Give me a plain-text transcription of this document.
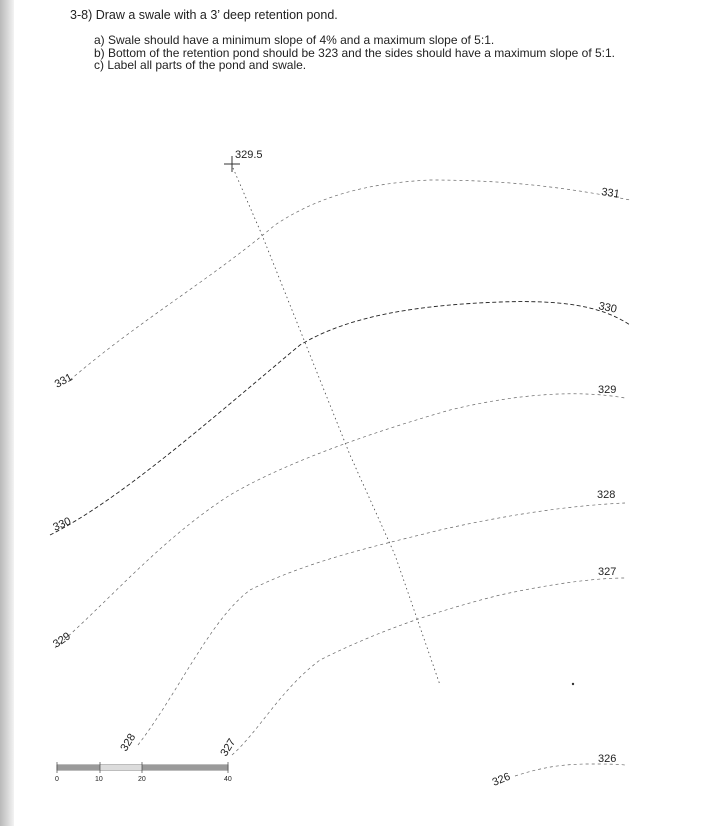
3-8) Draw a swale with a 3’ deep retention pond.
a) Swale should have a minimum slope of 4% and a maximum slope of 5:1.
b) Bottom of the retention pond should be 323 and the sides should have a maximum slope of 5:1.
c) Label all parts of the pond and swale.
329.5
331
331
330
330
329
329
328
328
327
327
326
326
0	10	20	40
